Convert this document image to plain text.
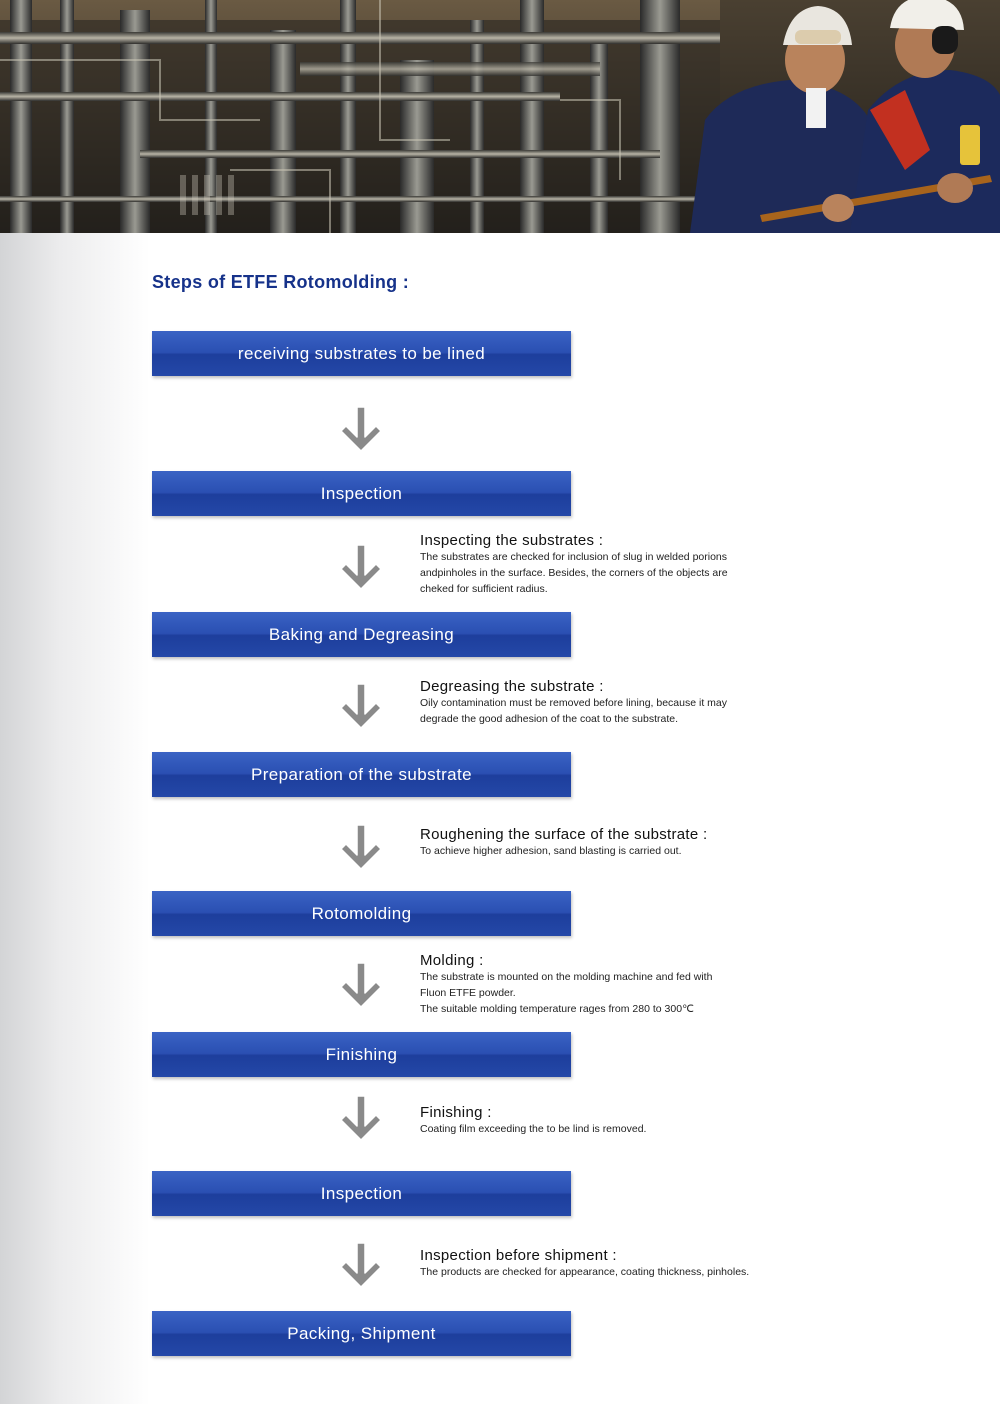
Steps of ETFE Rotomolding :
receiving substrates to be lined
Inspection
Baking and Degreasing
Preparation of the substrate
Rotomolding
Finishing
Inspection
Packing, Shipment
Inspecting the substrates :
The substrates are checked for inclusion of slug in welded porions
andpinholes in the surface. Besides, the corners of the objects are
cheked for sufficient radius.
Degreasing the substrate :
Oily contamination must be removed before lining, because it may
degrade the good adhesion of the coat to the substrate.
Roughening the surface of the substrate :
To achieve higher adhesion, sand blasting is carried out.
Molding :
The substrate is mounted on the molding machine and fed with
Fluon ETFE powder.
The suitable molding temperature rages from 280 to 300℃
Finishing :
Coating film exceeding the to be lind is removed.
Inspection before shipment :
The products are checked for appearance, coating thickness, pinholes.
